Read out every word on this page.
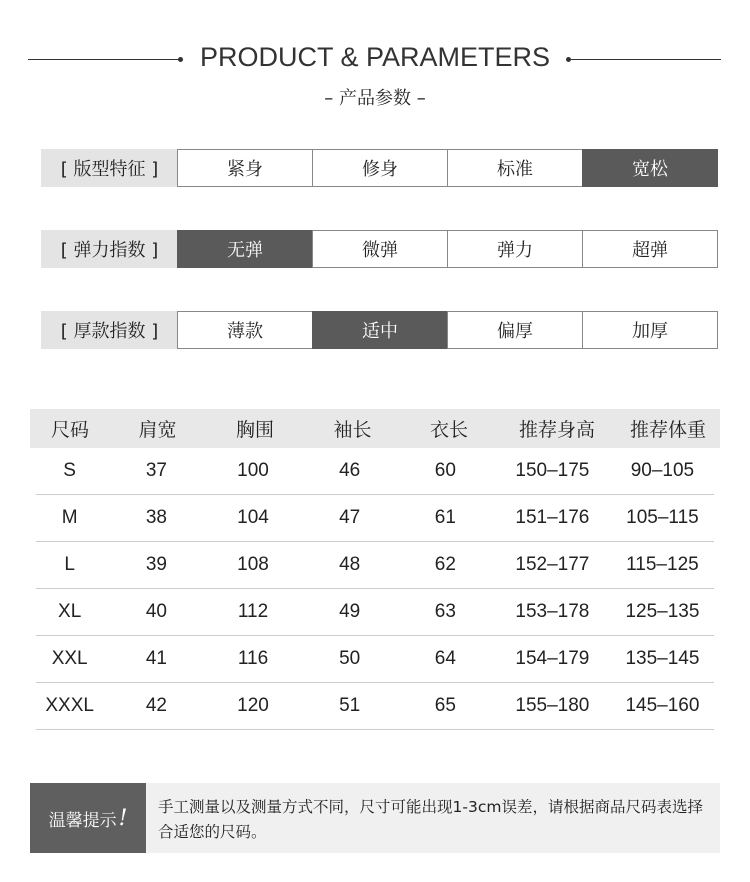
PRODUCT & PARAMETERS
– 产品参数 –
[ 版型特征 ]	紧身	修身	标准	宽松
[ 弹力指数 ]	无弹	微弹	弹力	超弹
[ 厚款指数 ]	薄款	适中	偏厚	加厚
尺码	肩宽	胸围	袖长	衣长	推荐身高	推荐体重
S	37	100	46	60	150–175	90–105
M	38	104	47	61	151–176	105–115
L	39	108	48	62	152–177	115–125
XL	40	112	49	63	153–178	125–135
XXL	41	116	50	64	154–179	135–145
XXXL	42	120	51	65	155–180	145–160
温馨提示 !	手工测量以及测量方式不同，尺寸可能出现1-3cm误差，请根据商品尺码表选择合适您的尺码。
